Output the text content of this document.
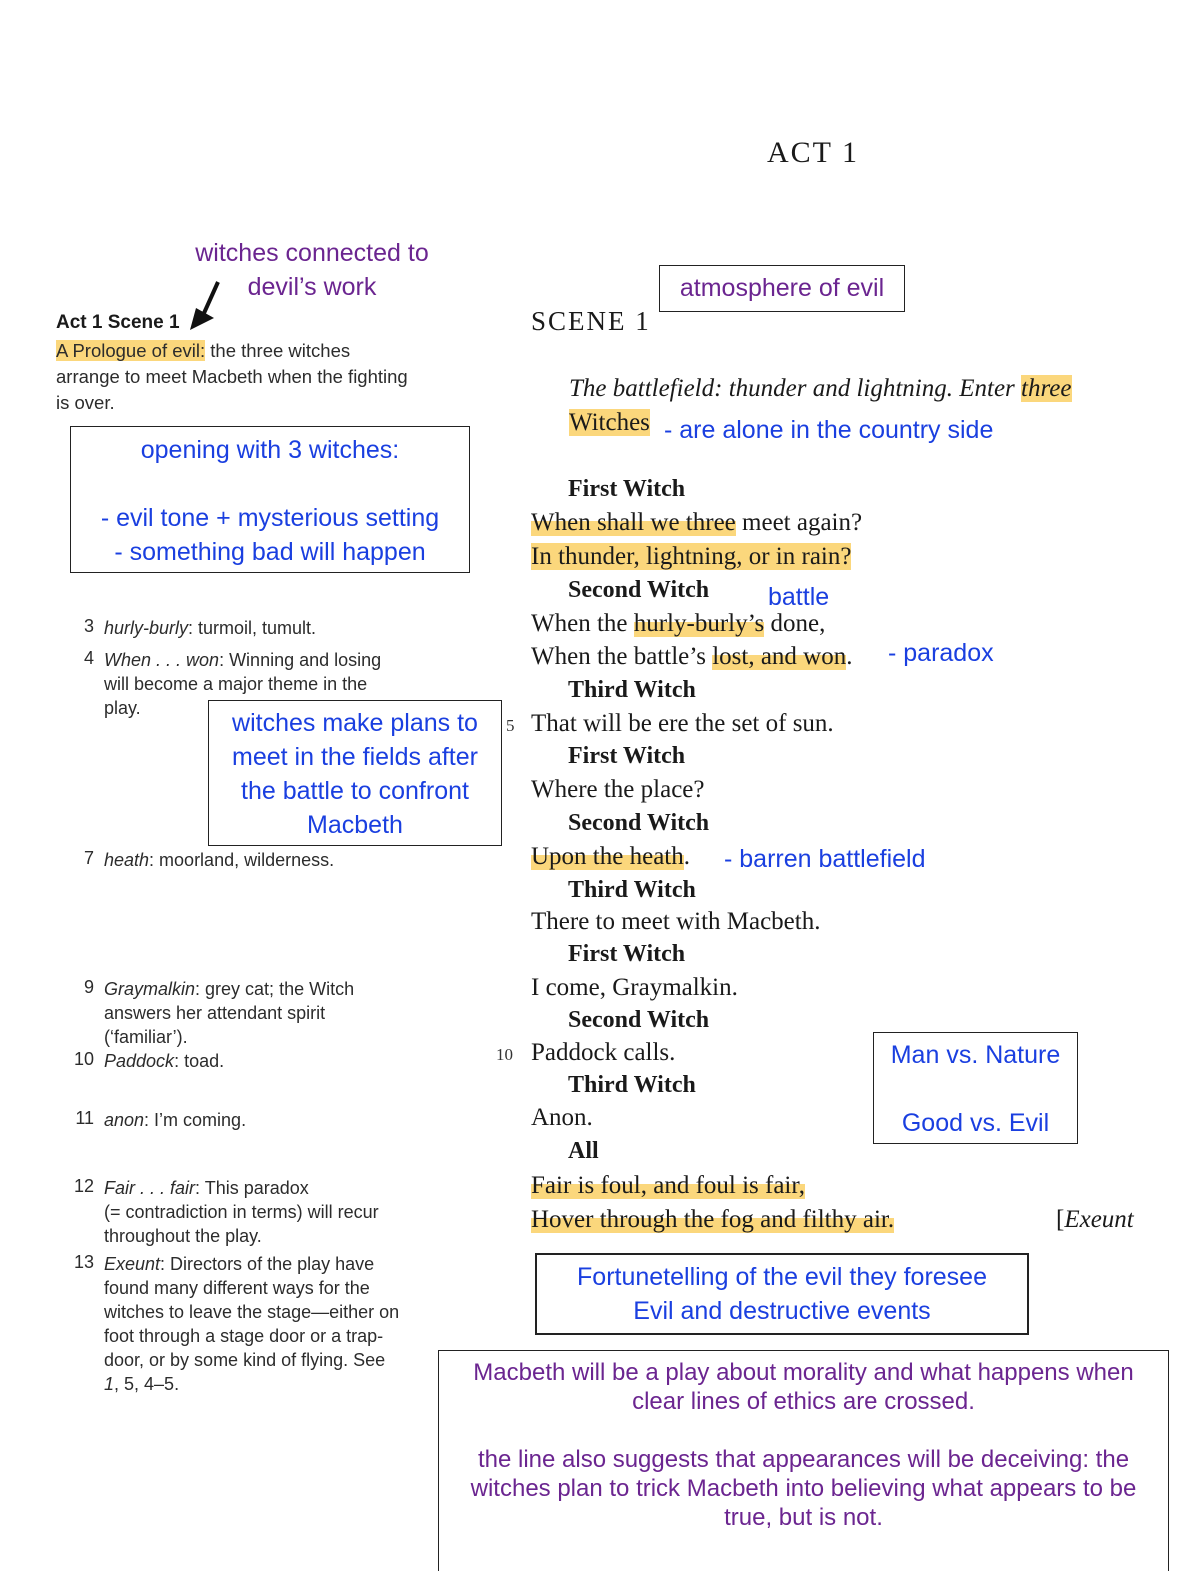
ACT 1
witches connected to
devil’s work	atmosphere of evil
Act 1 Scene 1
A Prologue of evil: the three witches
arrange to meet Macbeth when the fighting
is over.
opening with 3 witches:
- evil tone + mysterious setting
- something bad will happen
3 hurly-burly: turmoil, tumult.
4 When . . . won: Winning and losing
will become a major theme in the
play.
witches make plans to
meet in the fields after
the battle to confront
Macbeth
7 heath: moorland, wilderness.
9 Graymalkin: grey cat; the Witch
answers her attendant spirit
(‘familiar’).
10 Paddock: toad.
11 anon: I’m coming.
12 Fair . . . fair: This paradox
(= contradiction in terms) will recur
throughout the play.
13 Exeunt: Directors of the play have
found many different ways for the
witches to leave the stage—either on
foot through a stage door or a trap-
door, or by some kind of flying. See
1, 5, 4–5.
SCENE 1
The battlefield: thunder and lightning. Enter three
Witches - are alone in the country side
First Witch
When shall we three meet again?
In thunder, lightning, or in rain?
Second Witch battle
When the hurly-burly’s done,
When the battle’s lost, and won. - paradox
Third Witch
5 That will be ere the set of sun.
First Witch
Where the place?
Second Witch
Upon the heath. - barren battlefield
Third Witch
There to meet with Macbeth.
First Witch
I come, Graymalkin.
Second Witch
10 Paddock calls.
Third Witch
Anon.
All
Fair is foul, and foul is fair,
Hover through the fog and filthy air.	[Exeunt
Man vs. Nature
Good vs. Evil
Fortunetelling of the evil they foresee
Evil and destructive events
Macbeth will be a play about morality and what happens when
clear lines of ethics are crossed.
the line also suggests that appearances will be deceiving: the
witches plan to trick Macbeth into believing what appears to be
true, but is not.
